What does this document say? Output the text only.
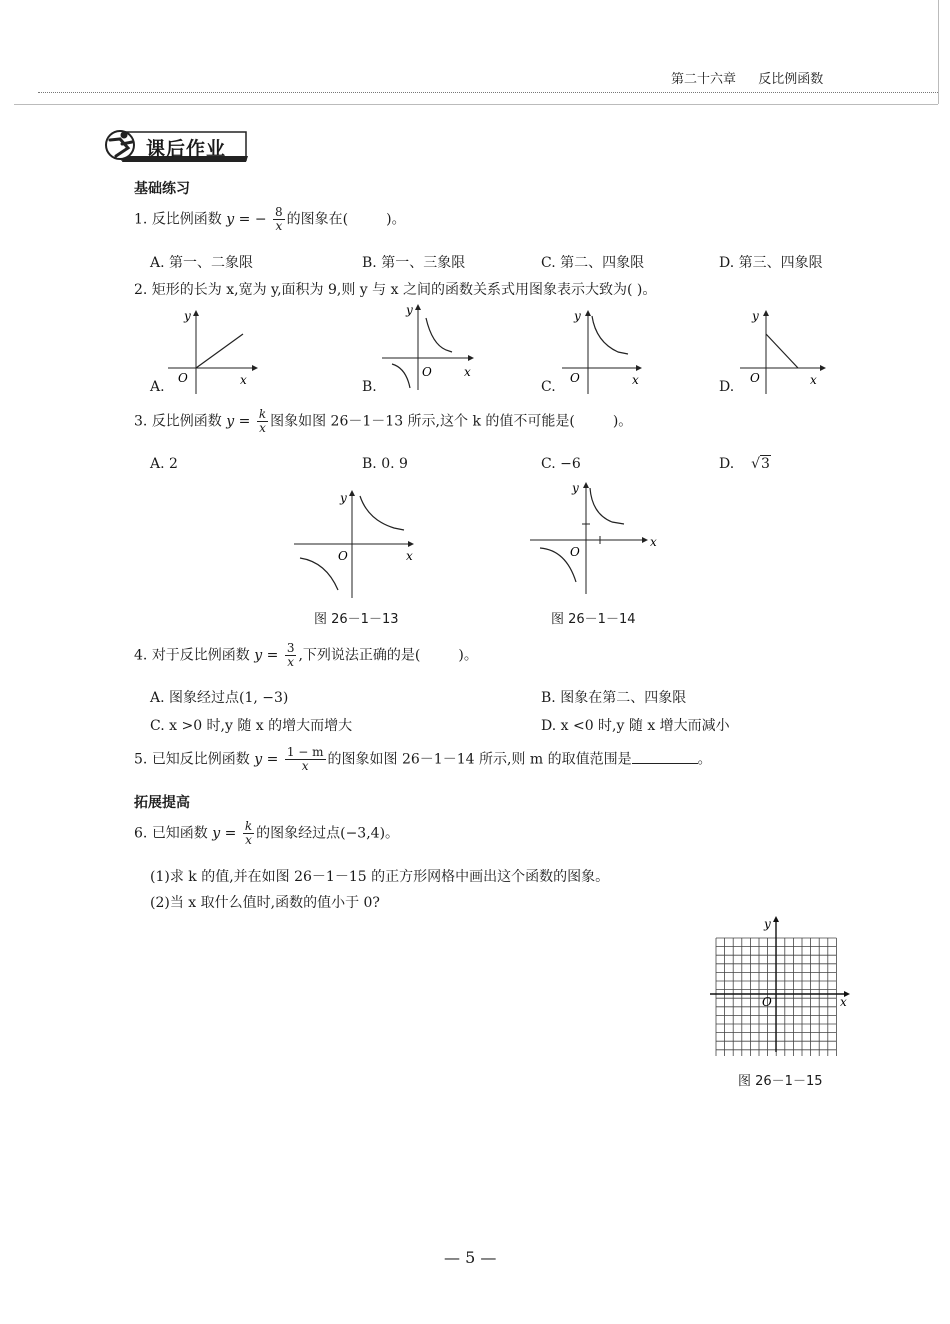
第二十六章 反比例函数
课后作业
基础练习
1. 反比例函数 y = − $\frac{8}{x}$ 的图象在(	)。
A. 第一、二象限	B. 第一、三象限	C. 第二、四象限	D. 第三、四象限
2. 矩形的长为 x,宽为 y,面积为 9,则 y 与 x 之间的函数关系式用图象表示大致为( )。
y
x
O
A.
y
x
O
B.
y
x
O
C.
y
x
O
D.
3. 反比例函数 $y = \frac{k}{x}$ 图象如图 26－1－13 所示,这个 k 的值不可能是(	)。
A. 2	B. 0. 9	C. −6	D. √3
y
x
O
图 26－1－13
y
x
O
图 26－1－14
4. 对于反比例函数 $y = \frac{3}{x}$ ,下列说法正确的是(	)。
A. 图象经过点(1, −3)	B. 图象在第二、四象限
C. x >0 时,y 随 x 的增大而增大	D. x <0 时,y 随 x 增大而减小
5. 已知反比例函数 $y = \frac{1 - m}{x}$ 的图象如图 26－1－14 所示,则 m 的取值范围是	。
拓展提高
6. 已知函数 $y = \frac{k}{x}$ 的图象经过点(−3,4)。
(1)求 k 的值,并在如图 26－1－15 的正方形网格中画出这个函数的图象。
(2)当 x 取什么值时,函数的值小于 0?
y
x
O
图 26－1－15
— 5 —
